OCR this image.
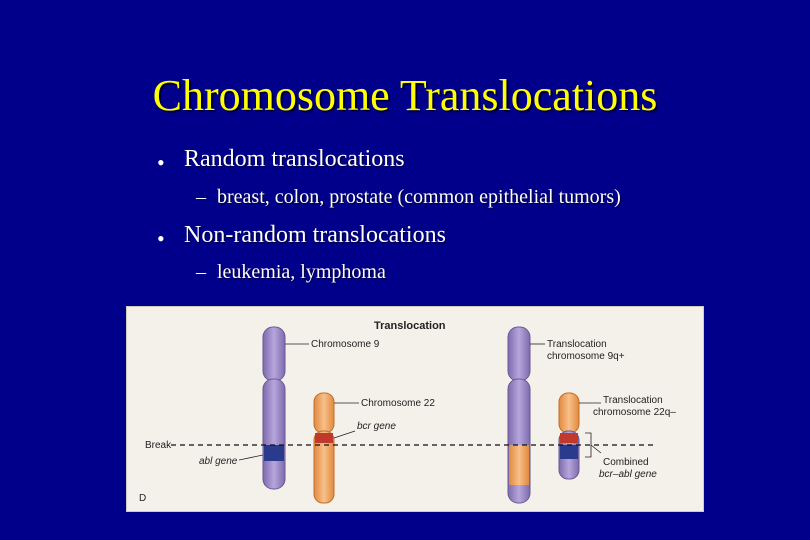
Chromosome Translocations
• Random translocations
– breast, colon, prostate (common epithelial tumors)
• Non-random translocations
– leukemia, lymphoma
Translocation
Chromosome 9
Chromosome 22
bcr gene
abl gene
Break
Translocation
chromosome 9q+
Translocation
chromosome 22q–
Combined
bcr–abl gene
D
